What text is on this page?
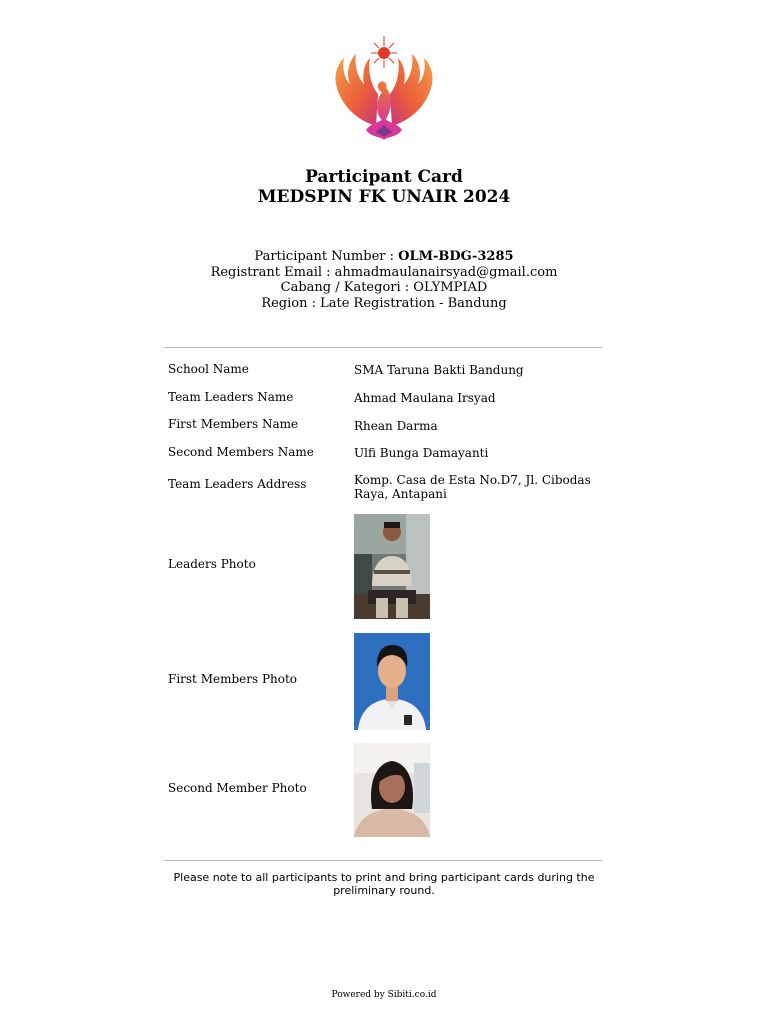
Participant Card
MEDSPIN FK UNAIR 2024
Participant Number : OLM-BDG-3285
Registrant Email : ahmadmaulanairsyad@gmail.com
Cabang / Kategori : OLYMPIAD
Region : Late Registration - Bandung
School Name	SMA Taruna Bakti Bandung
Team Leaders Name	Ahmad Maulana Irsyad
First Members Name	Rhean Darma
Second Members Name	Ulfi Bunga Damayanti
Team Leaders Address	Komp. Casa de Esta No.D7, Jl. Cibodas Raya, Antapani
Leaders Photo
First Members Photo
Second Member Photo
Please note to all participants to print and bring participant cards during the preliminary round.
Powered by Sibiti.co.id
